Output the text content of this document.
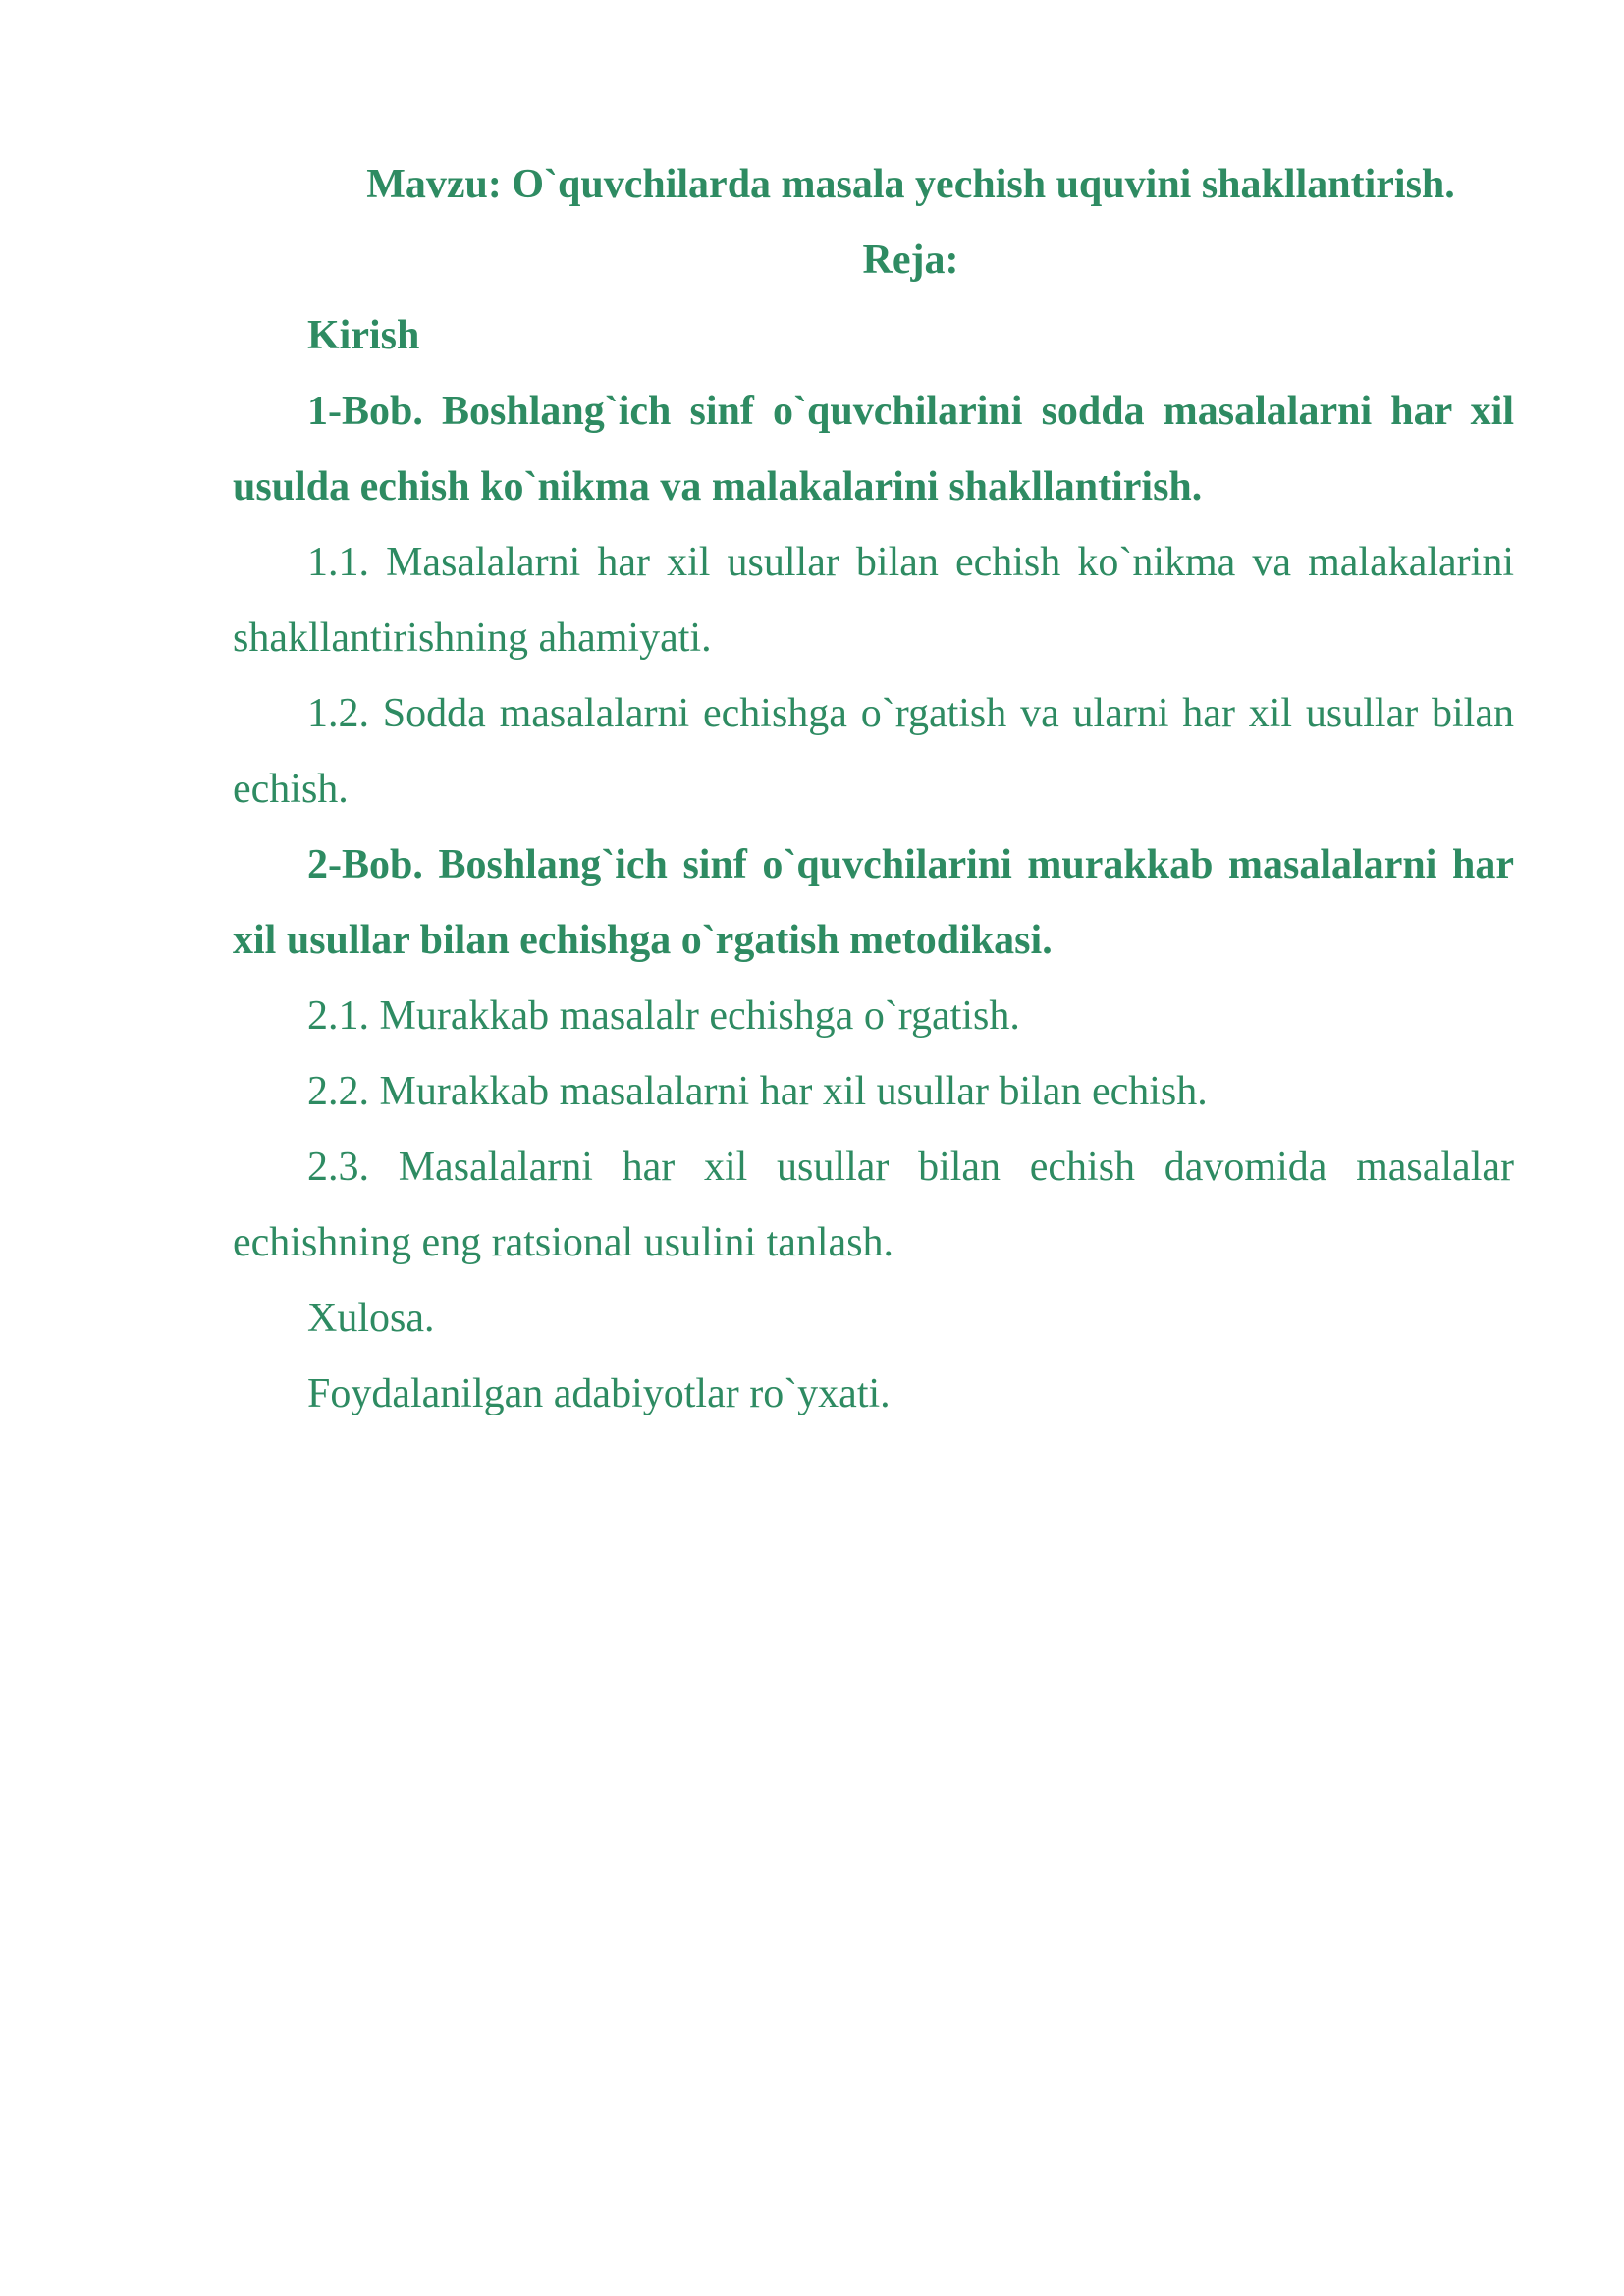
Mavzu: O`quvchilarda masala yechish uquvini shakllantirish.

Reja:

Kirish

1-Bob. Boshlang`ich sinf o`quvchilarini sodda masalalarni har xil usulda echish ko`nikma va malakalarini shakllantirish.

1.1. Masalalarni har xil usullar bilan echish ko`nikma va malakalarini shakllantirishning ahamiyati.

1.2. Sodda masalalarni echishga o`rgatish va ularni har xil usullar bilan echish.

2-Bob. Boshlang`ich sinf o`quvchilarini murakkab masalalarni har xil usullar bilan echishga o`rgatish metodikasi.

2.1. Murakkab masalalr echishga o`rgatish.

2.2. Murakkab masalalarni har xil usullar bilan echish.

2.3. Masalalarni har xil usullar bilan echish davomida masalalar echishning eng ratsional usulini tanlash.

Xulosa.

Foydalanilgan adabiyotlar ro`yxati.
